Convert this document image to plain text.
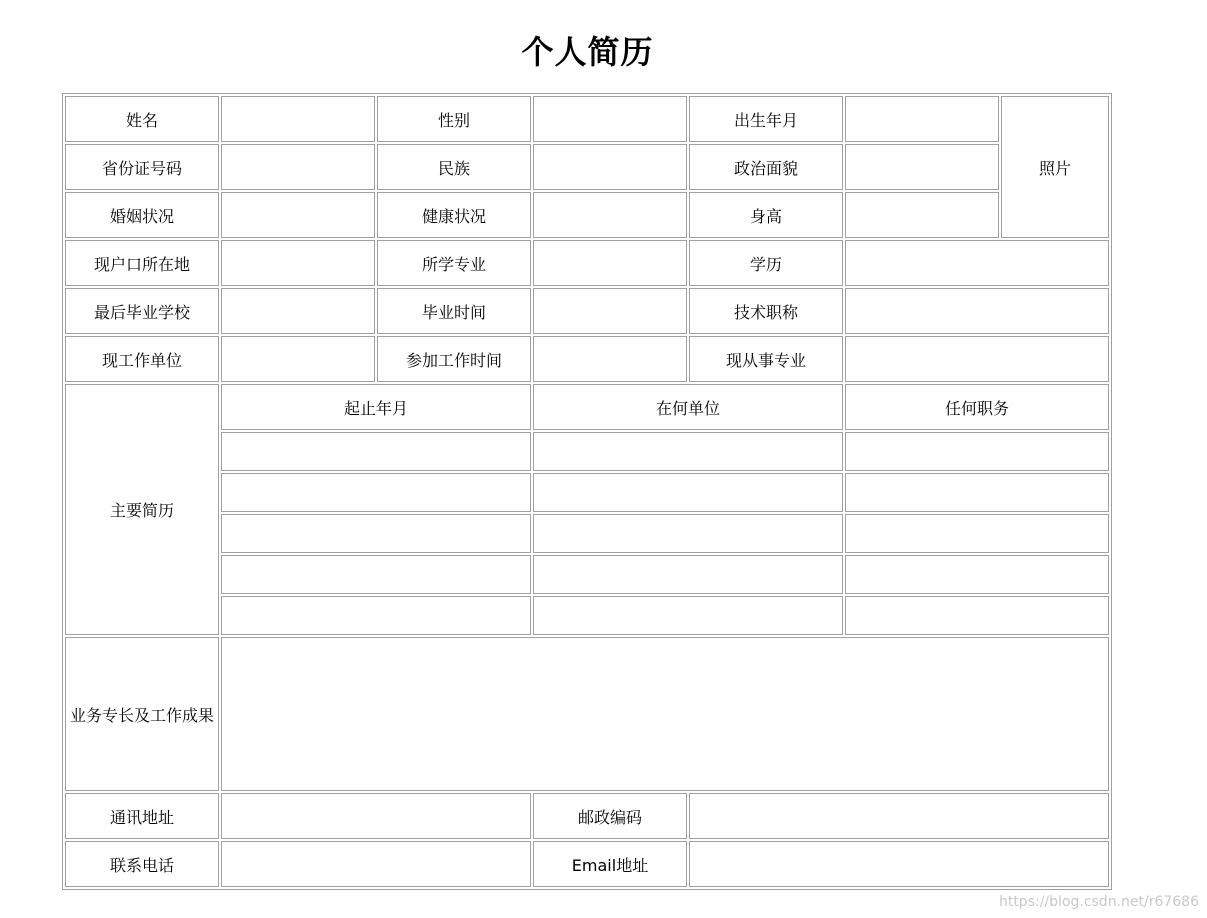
个人简历
姓名		性别		出生年月		照片
省份证号码		民族		政治面貌		
婚姻状况		健康状况		身高		
现户口所在地		所学专业		学历		
最后毕业学校		毕业时间		技术职称		
现工作单位		参加工作时间		现从事专业		
主要简历	起止年月		在何单位		任何职务	

业务专长及工作成果						
通讯地址			邮政编码			
联系电话			Email地址			
https://blog.csdn.net/r67686
